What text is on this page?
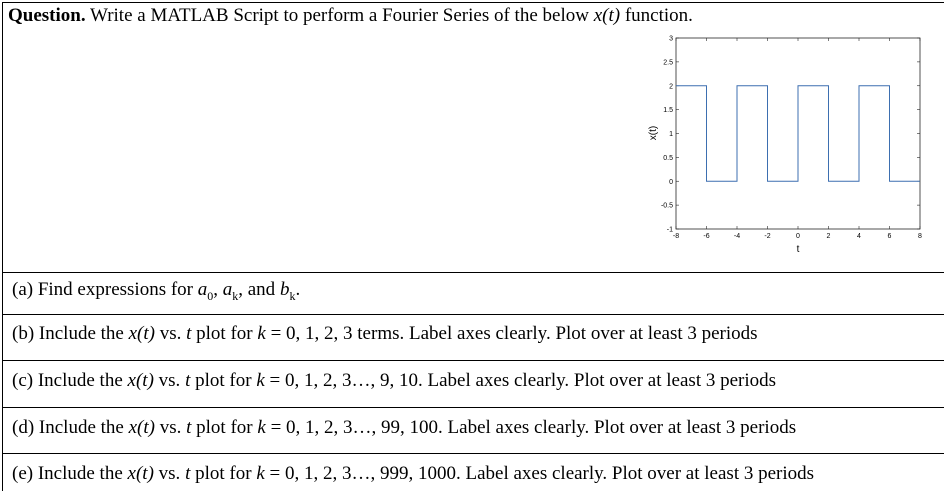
Question. Write a MATLAB Script to perform a Fourier Series of the below x(t) function.
-1
-0.5
0
0.5
1
1.5
2
2.5
3
-8	-6	-4	-2	0	2	4	6	8
x(t)
t
(a) Find expressions for $a_0$, $a_k$, and $b_k$.
(b) Include the x(t) vs. t plot for k = 0, 1, 2, 3 terms. Label axes clearly. Plot over at least 3 periods
(c) Include the x(t) vs. t plot for k = 0, 1, 2, 3…, 9, 10. Label axes clearly. Plot over at least 3 periods
(d) Include the x(t) vs. t plot for k = 0, 1, 2, 3…, 99, 100. Label axes clearly. Plot over at least 3 periods
(e) Include the x(t) vs. t plot for k = 0, 1, 2, 3…, 999, 1000. Label axes clearly. Plot over at least 3 periods
